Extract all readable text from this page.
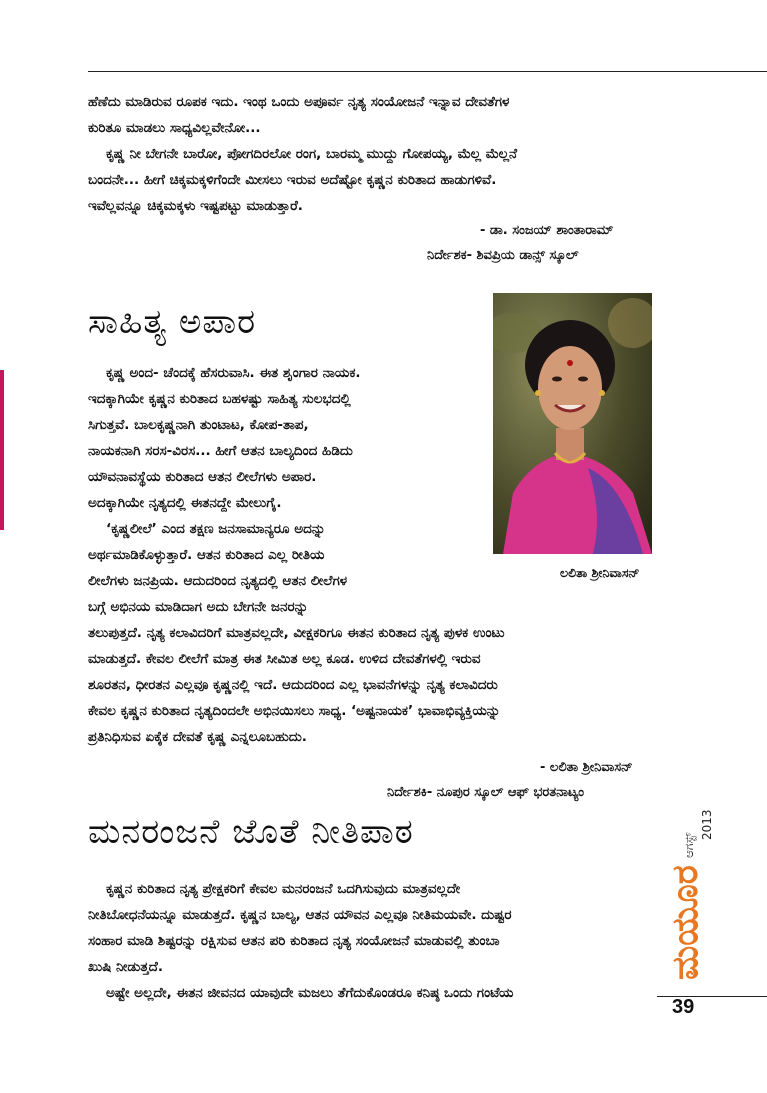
ಹೆಣೆದು ಮಾಡಿರುವ ರೂಪಕ ಇದು. ಇಂಥ ಒಂದು ಅಪೂರ್ವ ನೃತ್ಯ ಸಂಯೋಜನೆ ಇನ್ನಾವ ದೇವತೆಗಳ
ಕುರಿತೂ ಮಾಡಲು ಸಾಧ್ಯವಿಲ್ಲವೇನೋ...
ಕೃಷ್ಣ ನೀ ಬೇಗನೇ ಬಾರೋ, ಪೋಗದಿರಲೋ ರಂಗ, ಬಾರಮ್ಮ ಮುದ್ದು ಗೋಪಯ್ಯ, ಮೆಲ್ಲ ಮೆಲ್ಲನೆ
ಬಂದನೇ... ಹೀಗೆ ಚಿಕ್ಕಮಕ್ಕಳಿಗೆಂದೇ ಮೀಸಲು ಇರುವ ಅದೆಷ್ಟೋ ಕೃಷ್ಣನ ಕುರಿತಾದ ಹಾಡುಗಳಿವೆ.
ಇವೆಲ್ಲವನ್ನೂ ಚಿಕ್ಕಮಕ್ಕಳು ಇಷ್ಟಪಟ್ಟು ಮಾಡುತ್ತಾರೆ.
- ಡಾ. ಸಂಜಯ್ ಶಾಂತಾರಾಮ್
ನಿರ್ದೇಶಕ- ಶಿವಪ್ರಿಯ ಡಾನ್ಸ್ ಸ್ಕೂಲ್
ಸಾಹಿತ್ಯ ಅಪಾರ
ಲಲಿತಾ ಶ್ರೀನಿವಾಸನ್
ಕೃಷ್ಣ ಅಂದ- ಚೆಂದಕ್ಕೆ ಹೆಸರುವಾಸಿ. ಈತ ಶೃಂಗಾರ ನಾಯಕ.
ಇದಕ್ಕಾಗಿಯೇ ಕೃಷ್ಣನ ಕುರಿತಾದ ಬಹಳಷ್ಟು ಸಾಹಿತ್ಯ ಸುಲಭದಲ್ಲಿ
ಸಿಗುತ್ತವೆ. ಬಾಲಕೃಷ್ಣನಾಗಿ ತುಂಟಾಟ, ಕೋಪ-ತಾಪ,
ನಾಯಕನಾಗಿ ಸರಸ-ವಿರಸ... ಹೀಗೆ ಆತನ ಬಾಲ್ಯದಿಂದ ಹಿಡಿದು
ಯೌವನಾವಸ್ಥೆಯ ಕುರಿತಾದ ಆತನ ಲೀಲೆಗಳು ಅಪಾರ.
ಅದಕ್ಕಾಗಿಯೇ ನೃತ್ಯದಲ್ಲಿ ಈತನದ್ದೇ ಮೇಲುಗೈ.
‘ಕೃಷ್ಣಲೀಲೆ’ ಎಂದ ತಕ್ಷಣ ಜನಸಾಮಾನ್ಯರೂ ಅದನ್ನು
ಅರ್ಥಮಾಡಿಕೊಳ್ಳುತ್ತಾರೆ. ಆತನ ಕುರಿತಾದ ಎಲ್ಲ ರೀತಿಯ
ಲೀಲೆಗಳು ಜನಪ್ರಿಯ. ಆದುದರಿಂದ ನೃತ್ಯದಲ್ಲಿ ಆತನ ಲೀಲೆಗಳ
ಬಗ್ಗೆ ಅಭಿನಯ ಮಾಡಿದಾಗ ಅದು ಬೇಗನೇ ಜನರನ್ನು
ತಲುಪುತ್ತದೆ. ನೃತ್ಯ ಕಲಾವಿದರಿಗೆ ಮಾತ್ರವಲ್ಲದೇ, ವೀಕ್ಷಕರಿಗೂ ಈತನ ಕುರಿತಾದ ನೃತ್ಯ ಪುಳಕ ಉಂಟು
ಮಾಡುತ್ತದೆ. ಕೇವಲ ಲೀಲೆಗೆ ಮಾತ್ರ ಈತ ಸೀಮಿತ ಅಲ್ಲ ಕೂಡ. ಉಳಿದ ದೇವತೆಗಳಲ್ಲಿ ಇರುವ
ಶೂರತನ, ಧೀರತನ ಎಲ್ಲವೂ ಕೃಷ್ಣನಲ್ಲಿ ಇದೆ. ಆದುದರಿಂದ ಎಲ್ಲ ಭಾವನೆಗಳನ್ನು ನೃತ್ಯ ಕಲಾವಿದರು
ಕೇವಲ ಕೃಷ್ಣನ ಕುರಿತಾದ ನೃತ್ಯದಿಂದಲೇ ಅಭಿನಯಿಸಲು ಸಾಧ್ಯ. ‘ಅಷ್ಟನಾಯಕ’ ಭಾವಾಭಿವ್ಯಕ್ತಿಯನ್ನು
ಪ್ರತಿನಿಧಿಸುವ ಏಕೈಕ ದೇವತೆ ಕೃಷ್ಣ ಎನ್ನಲೂಬಹುದು.
- ಲಲಿತಾ ಶ್ರೀನಿವಾಸನ್
ನಿರ್ದೇಶಕಿ- ನೂಪುರ ಸ್ಕೂಲ್ ಆಫ್ ಭರತನಾಟ್ಯಂ
ಮನರಂಜನೆ ಜೊತೆ ನೀತಿಪಾಠ
ಕೃಷ್ಣನ ಕುರಿತಾದ ನೃತ್ಯ ಪ್ರೇಕ್ಷಕರಿಗೆ ಕೇವಲ ಮನರಂಜನೆ ಒದಗಿಸುವುದು ಮಾತ್ರವಲ್ಲದೇ
ನೀತಿಬೋಧನೆಯನ್ನೂ ಮಾಡುತ್ತದೆ. ಕೃಷ್ಣನ ಬಾಲ್ಯ, ಆತನ ಯೌವನ ಎಲ್ಲವೂ ನೀತಿಮಯವೇ. ದುಷ್ಟರ
ಸಂಹಾರ ಮಾಡಿ ಶಿಷ್ಟರನ್ನು ರಕ್ಷಿಸುವ ಆತನ ಪರಿ ಕುರಿತಾದ ನೃತ್ಯ ಸಂಯೋಜನೆ ಮಾಡುವಲ್ಲಿ ತುಂಬಾ
ಖುಷಿ ನೀಡುತ್ತದೆ.
ಅಷ್ಟೇ ಅಲ್ಲದೇ, ಈತನ ಜೀವನದ ಯಾವುದೇ ಮಜಲು ತೆಗೆದುಕೊಂಡರೂ ಕನಿಷ್ಠ ಒಂದು ಗಂಟೆಯ
ಮಯೂರ
ಆಗಸ್ಟ್
2013
39
